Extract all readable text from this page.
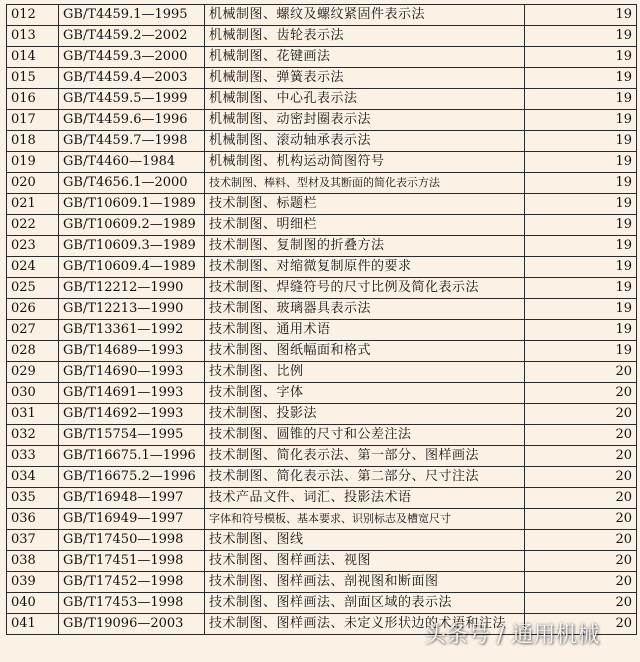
012	GB/T4459.1—1995	机械制图、螺纹及螺纹紧固件表示法	19
013	GB/T4459.2—2002	机械制图、齿轮表示法	19
014	GB/T4459.3—2000	机械制图、花键画法	19
015	GB/T4459.4—2003	机械制图、弹簧表示法	19
016	GB/T4459.5—1999	机械制图、中心孔表示法	19
017	GB/T4459.6—1996	机械制图、动密封圈表示法	19
018	GB/T4459.7—1998	机械制图、滚动轴承表示法	19
019	GB/T4460—1984	机械制图、机构运动简图符号	19
020	GB/T4656.1—2000	技术制图、棒料、型材及其断面的简化表示方法	19
021	GB/T10609.1—1989	技术制图、标题栏	19
022	GB/T10609.2—1989	技术制图、明细栏	19
023	GB/T10609.3—1989	技术制图、复制图的折叠方法	19
024	GB/T10609.4—1989	技术制图、对缩微复制原件的要求	19
025	GB/T12212—1990	技术制图、焊缝符号的尺寸比例及简化表示法	19
026	GB/T12213—1990	技术制图、玻璃器具表示法	19
027	GB/T13361—1992	技术制图、通用术语	19
028	GB/T14689—1993	技术制图、图纸幅面和格式	19
029	GB/T14690—1993	技术制图、比例	20
030	GB/T14691—1993	技术制图、字体	20
031	GB/T14692—1993	技术制图、投影法	20
032	GB/T15754—1995	技术制图、圆锥的尺寸和公差注法	20
033	GB/T16675.1—1996	技术制图、简化表示法、第一部分、图样画法	20
034	GB/T16675.2—1996	技术制图、简化表示法、第二部分、尺寸注法	20
035	GB/T16948—1997	技术产品文件、词汇、投影法术语	20
036	GB/T16949—1997	字体和符号模板、基本要求、识别标志及槽宽尺寸	20
037	GB/T17450—1998	技术制图、图线	20
038	GB/T17451—1998	技术制图、图样画法、视图	20
039	GB/T17452—1998	技术制图、图样画法、剖视图和断面图	20
040	GB/T17453—1998	技术制图、图样画法、剖面区域的表示法	20
041	GB/T19096—2003	技术制图、图样画法、未定义形状边的术语和注法	20
头条号 / 通用机械
